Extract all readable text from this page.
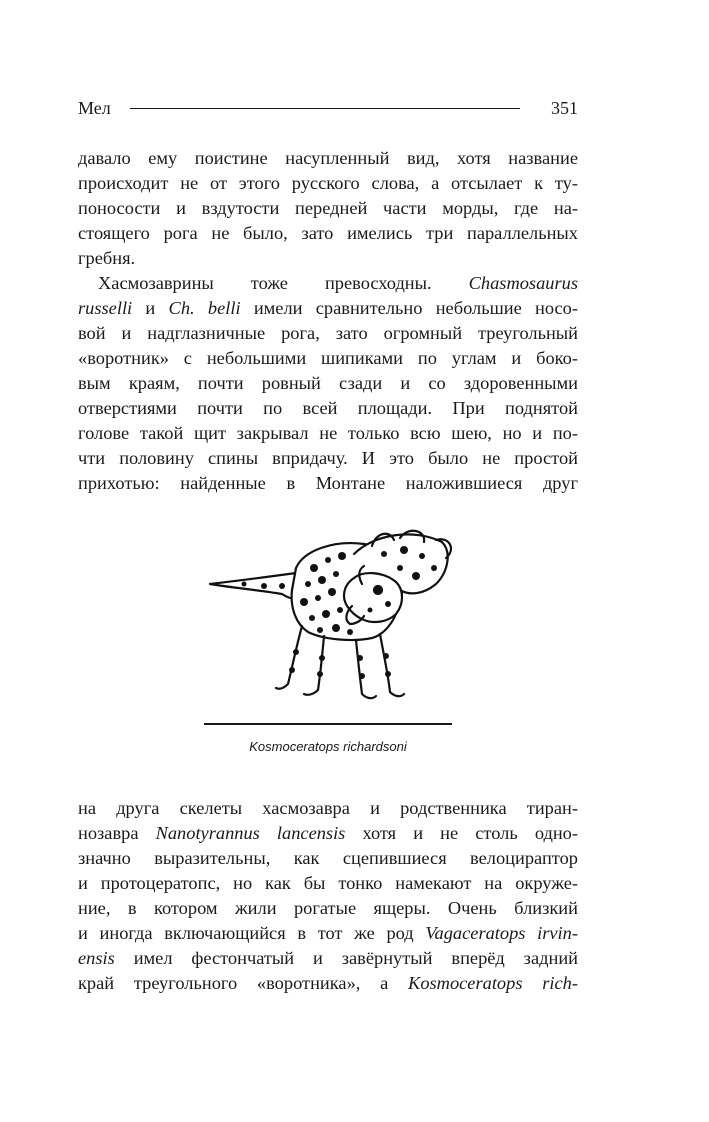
Мел	351
давало ему поистине насупленный вид, хотя название
происходит не от этого русского слова, а отсылает к ту-
поносости и вздутости передней части морды, где на-
стоящего рога не было, зато имелись три параллельных
гребня.
Хасмозаврины тоже превосходны. Chasmosaurus
russelli и Ch. belli имели сравнительно небольшие носо-
вой и надглазничные рога, зато огромный треугольный
«воротник» с небольшими шипиками по углам и боко-
вым краям, почти ровный сзади и со здоровенными
отверстиями почти по всей площади. При поднятой
голове такой щит закрывал не только всю шею, но и по-
чти половину спины впридачу. И это было не простой
прихотью: найденные в Монтане наложившиеся друг
Kosmoceratops richardsoni
на друга скелеты хасмозавра и родственника тиран-
нозавра Nanotyrannus lancensis хотя и не столь одно-
значно выразительны, как сцепившиеся велоцираптор
и протоцератопс, но как бы тонко намекают на окруже-
ние, в котором жили рогатые ящеры. Очень близкий
и иногда включающийся в тот же род Vagaceratops irvin-
ensis имел фестончатый и завёрнутый вперёд задний
край треугольного «воротника», а Kosmoceratops rich-
